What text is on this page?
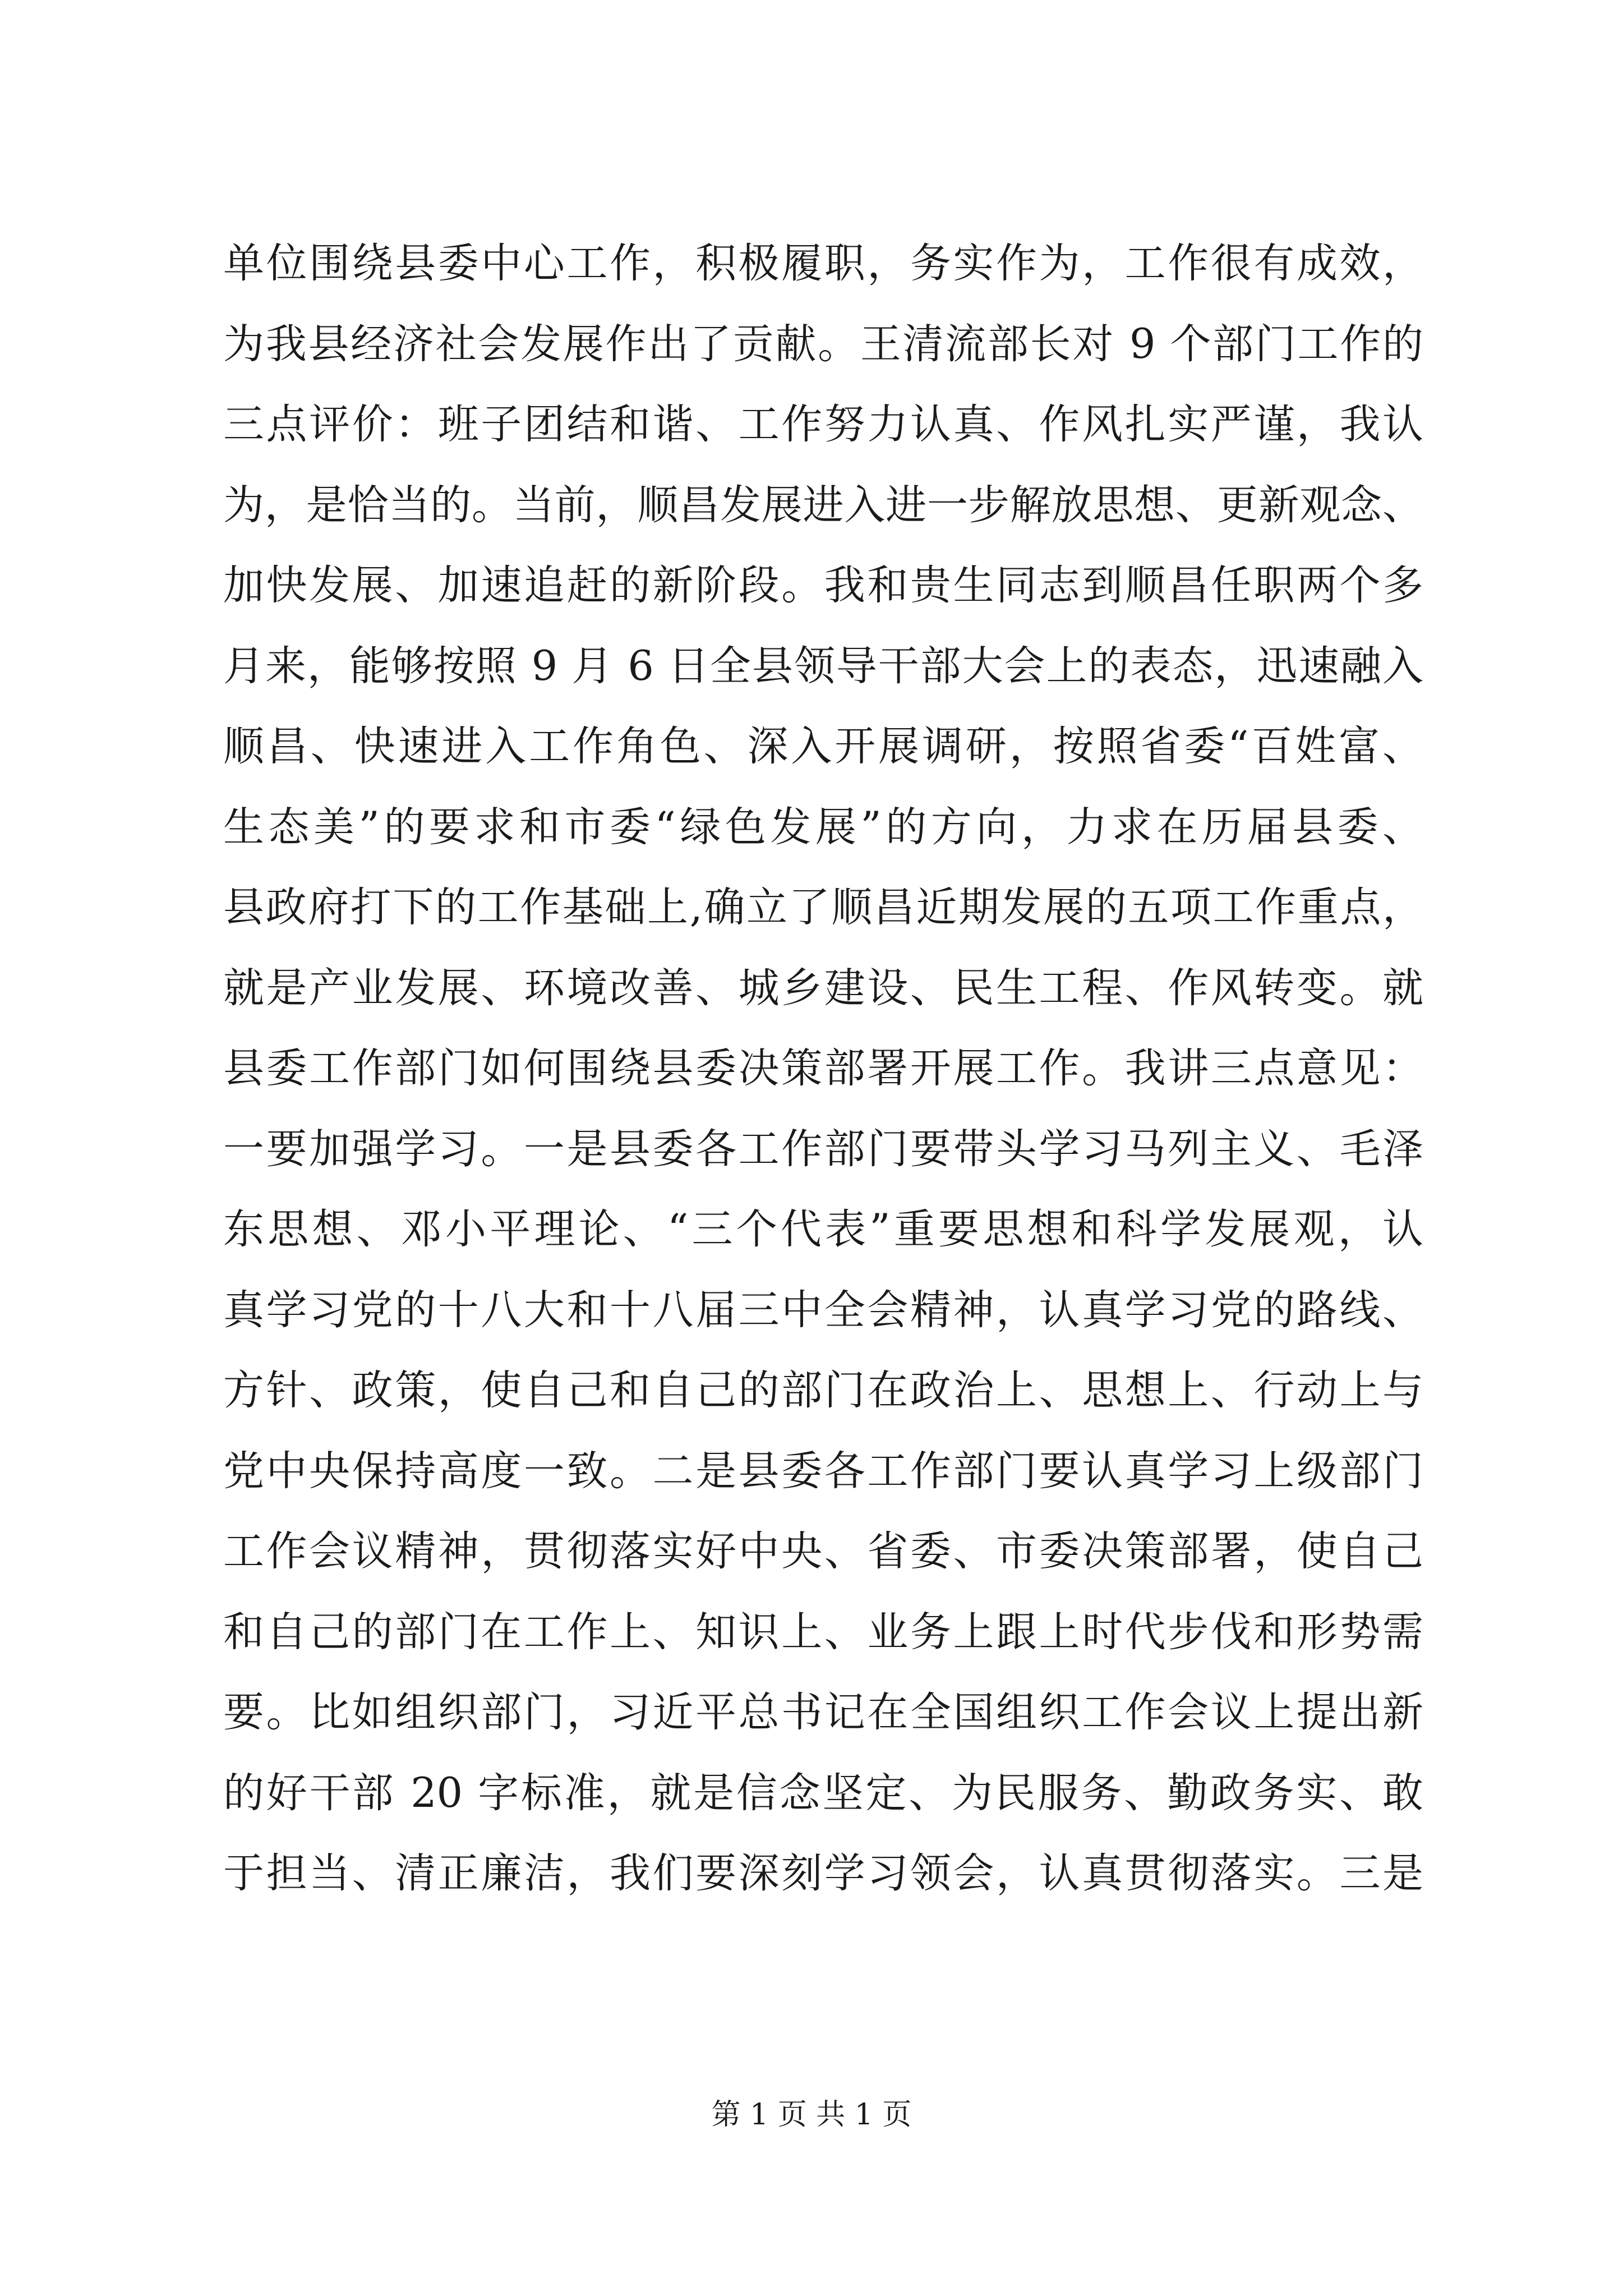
单位围绕县委中心工作，积极履职，务实作为，工作很有成效，
为我县经济社会发展作出了贡献。王清流部长对 9 个部门工作的
三点评价：班子团结和谐、工作努力认真、作风扎实严谨，我认
为，是恰当的。当前，顺昌发展进入进一步解放思想、更新观念、
加快发展、加速追赶的新阶段。我和贵生同志到顺昌任职两个多
月来，能够按照 9 月 6 日全县领导干部大会上的表态，迅速融入
顺昌、快速进入工作角色、深入开展调研，按照省委“百姓富、
生态美”的要求和市委“绿色发展”的方向，力求在历届县委、
县政府打下的工作基础上,确立了顺昌近期发展的五项工作重点，
就是产业发展、环境改善、城乡建设、民生工程、作风转变。就
县委工作部门如何围绕县委决策部署开展工作。我讲三点意见：
一要加强学习。一是县委各工作部门要带头学习马列主义、毛泽
东思想、邓小平理论、“三个代表”重要思想和科学发展观，认
真学习党的十八大和十八届三中全会精神，认真学习党的路线、
方针、政策，使自己和自己的部门在政治上、思想上、行动上与
党中央保持高度一致。二是县委各工作部门要认真学习上级部门
工作会议精神，贯彻落实好中央、省委、市委决策部署，使自己
和自己的部门在工作上、知识上、业务上跟上时代步伐和形势需
要。比如组织部门，习近平总书记在全国组织工作会议上提出新
的好干部 20 字标准，就是信念坚定、为民服务、勤政务实、敢
于担当、清正廉洁，我们要深刻学习领会，认真贯彻落实。三是
第 1 页 共 1 页
